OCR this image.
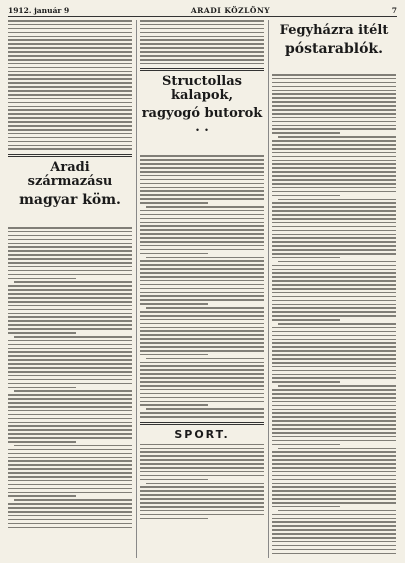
1912. január 9	ARADI KÖZLÖNY	7
Aradi származásu
magyar köm.

Structollas kalapok,
ragyogó butorok . .

SPORT.
Fegyházra itélt
póstarablók.
